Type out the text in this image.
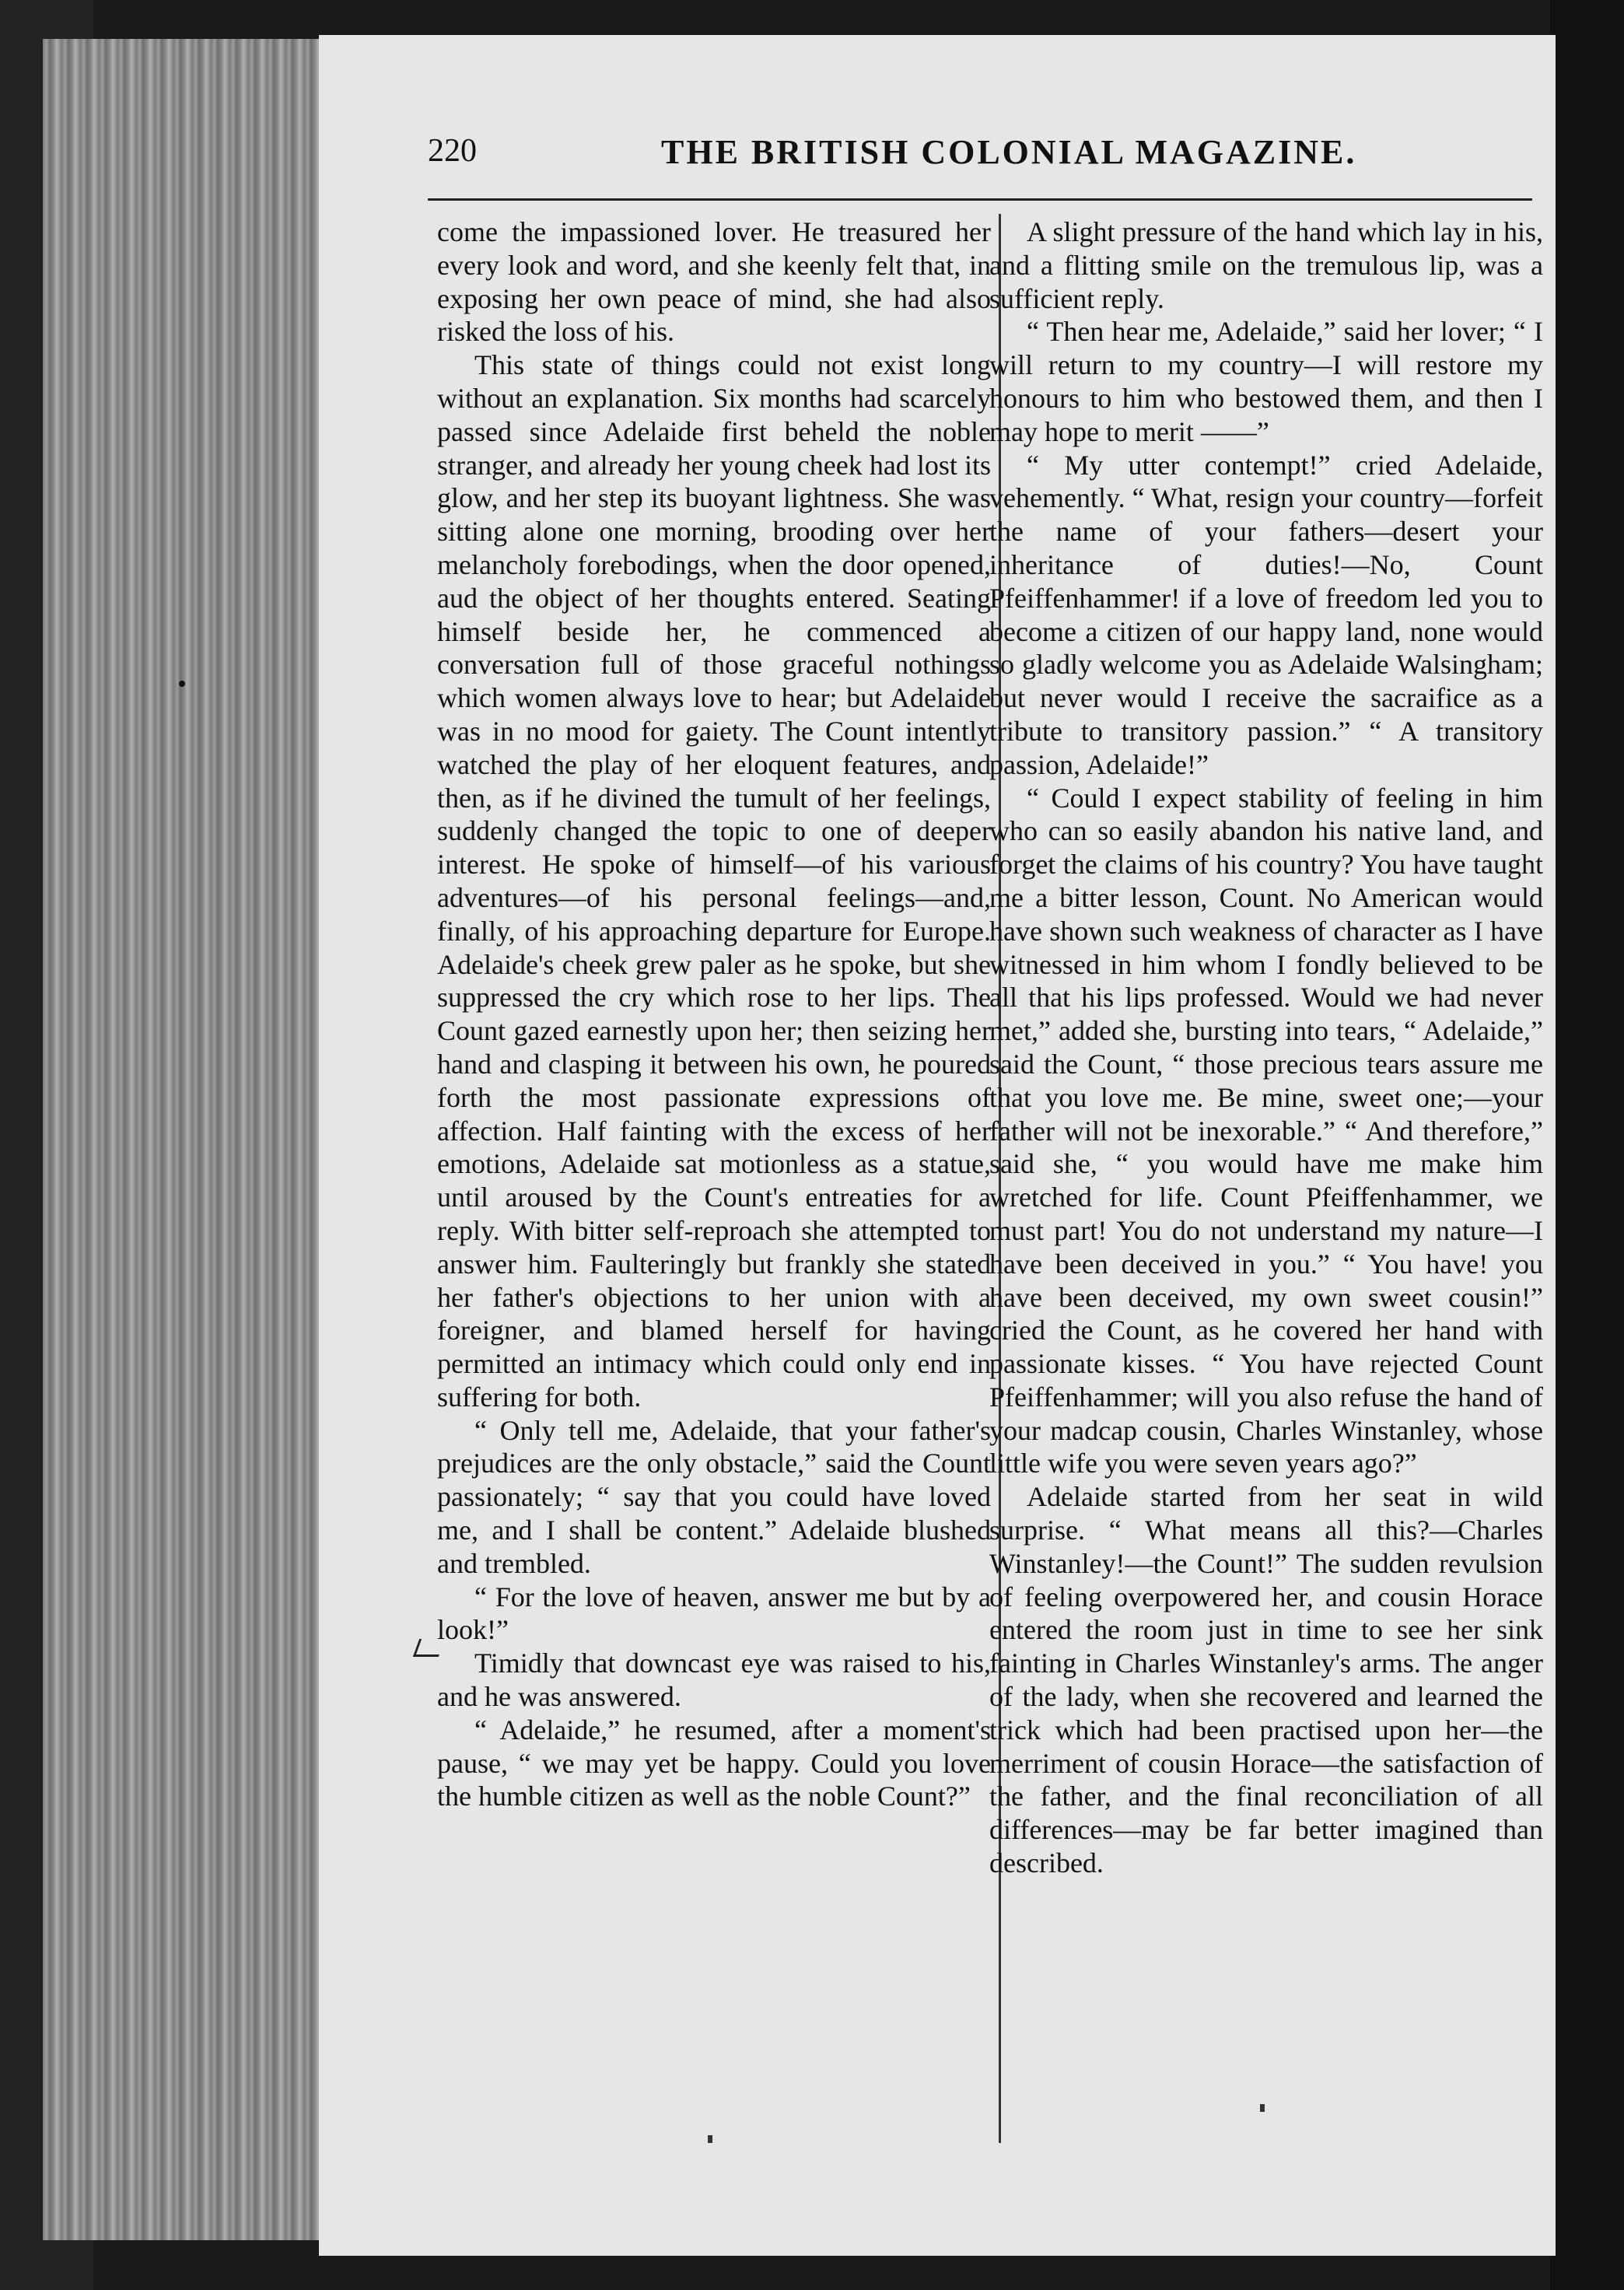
220	THE BRITISH COLONIAL MAGAZINE.

come the impassioned lover. He treasured her every look and word, and she keenly felt that, in exposing her own peace of mind, she had also risked the loss of his.

This state of things could not exist long without an explanation. Six months had scarcely passed since Adelaide first beheld the noble stranger, and already her young cheek had lost its glow, and her step its buoyant lightness. She was sitting alone one morning, brooding over her melancholy forebodings, when the door opened, aud the object of her thoughts entered. Seating himself beside her, he commenced a conversation full of those graceful nothings which women always love to hear; but Adelaide was in no mood for gaiety. The Count intently watched the play of her eloquent features, and then, as if he divined the tumult of her feelings, suddenly changed the topic to one of deeper interest. He spoke of himself—of his various adventures—of his personal feelings—and, finally, of his approaching departure for Europe. Adelaide's cheek grew paler as he spoke, but she suppressed the cry which rose to her lips. The Count gazed earnestly upon her; then seizing her hand and clasping it between his own, he poured forth the most passionate expressions of affection. Half fainting with the excess of her emotions, Adelaide sat motionless as a statue, until aroused by the Count's entreaties for a reply. With bitter self-reproach she attempted to answer him. Faulteringly but frankly she stated her father's objections to her union with a foreigner, and blamed herself for having permitted an intimacy which could only end in suffering for both.

“ Only tell me, Adelaide, that your father's prejudices are the only obstacle,” said the Count passionately; “ say that you could have loved me, and I shall be content.” Adelaide blushed and trembled.

“ For the love of heaven, answer me but by a look!”

Timidly that downcast eye was raised to his, and he was answered.

“ Adelaide,” he resumed, after a moment's pause, “ we may yet be happy. Could you love the humble citizen as well as the noble Count?”

A slight pressure of the hand which lay in his, and a flitting smile on the tremulous lip, was a sufficient reply.

“ Then hear me, Adelaide,” said her lover; “ I will return to my country—I will restore my honours to him who bestowed them, and then I may hope to merit ——”

“ My utter contempt!” cried Adelaide, vehemently. “ What, resign your country—forfeit the name of your fathers—desert your inheritance of duties!—No, Count Pfeiffenhammer! if a love of freedom led you to become a citizen of our happy land, none would so gladly welcome you as Adelaide Walsingham; but never would I receive the sacraifice as a tribute to transitory passion.” “ A transitory passion, Adelaide!”

“ Could I expect stability of feeling in him who can so easily abandon his native land, and forget the claims of his country? You have taught me a bitter lesson, Count. No American would have shown such weakness of character as I have witnessed in him whom I fondly believed to be all that his lips professed. Would we had never met,” added she, bursting into tears, “ Adelaide,” said the Count, “ those precious tears assure me that you love me. Be mine, sweet one;—your father will not be inexorable.” “ And therefore,” said she, “ you would have me make him wretched for life. Count Pfeiffenhammer, we must part! You do not understand my nature—I have been deceived in you.” “ You have! you have been deceived, my own sweet cousin!” cried the Count, as he covered her hand with passionate kisses. “ You have rejected Count Pfeiffenhammer; will you also refuse the hand of your madcap cousin, Charles Winstanley, whose little wife you were seven years ago?”

Adelaide started from her seat in wild surprise. “ What means all this?—Charles Winstanley!—the Count!” The sudden revulsion of feeling overpowered her, and cousin Horace entered the room just in time to see her sink fainting in Charles Winstanley's arms. The anger of the lady, when she recovered and learned the trick which had been practised upon her—the merriment of cousin Horace—the satisfaction of the father, and the final reconciliation of all differences—may be far better imagined than described.
